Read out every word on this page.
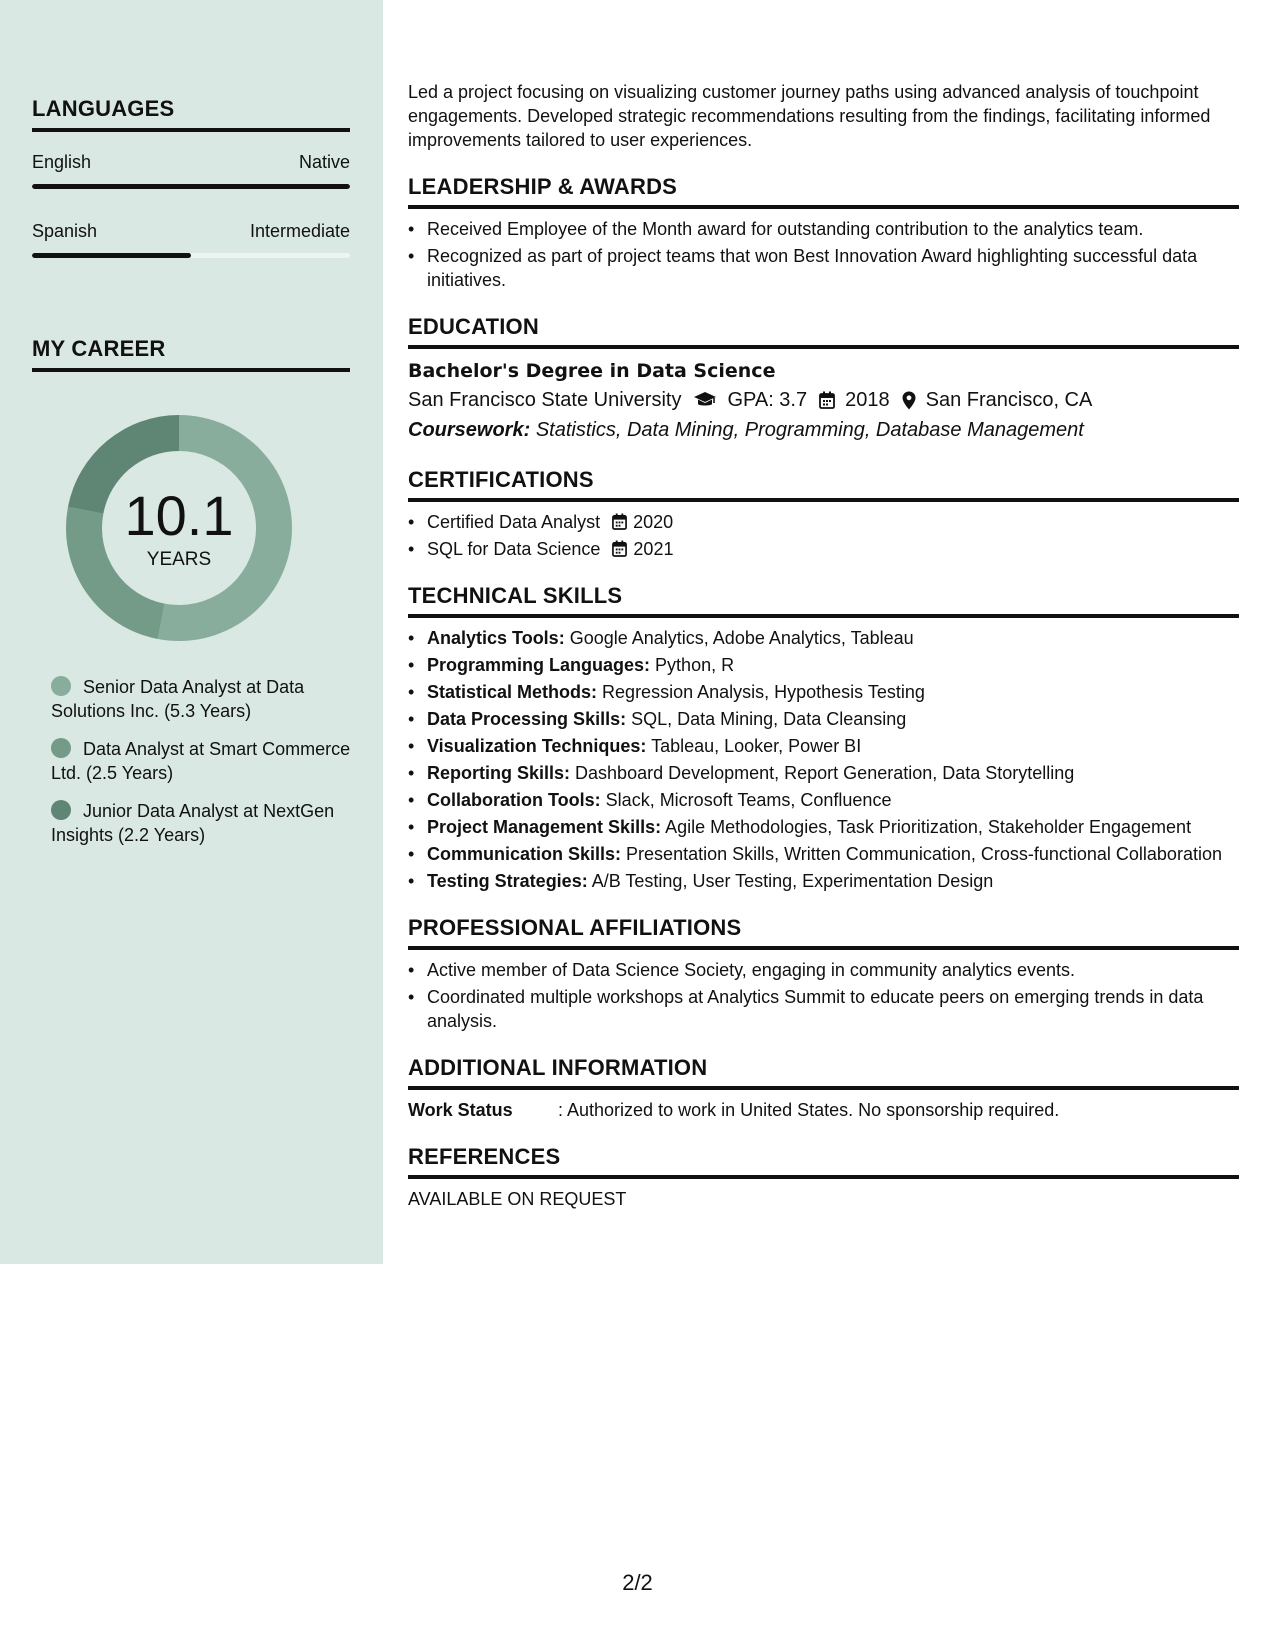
LANGUAGES
English	Native
Spanish	Intermediate
MY CAREER
10.1
YEARS
Senior Data Analyst at Data Solutions Inc. (5.3 Years)
Data Analyst at Smart Commerce Ltd. (2.5 Years)
Junior Data Analyst at NextGen Insights (2.2 Years)

Led a project focusing on visualizing customer journey paths using advanced analysis of touchpoint engagements. Developed strategic recommendations resulting from the findings, facilitating informed improvements tailored to user experiences.

LEADERSHIP & AWARDS
• Received Employee of the Month award for outstanding contribution to the analytics team.
• Recognized as part of project teams that won Best Innovation Award highlighting successful data initiatives.
EDUCATION
Bachelor's Degree in Data Science
San Francisco State University GPA: 3.7 2018 San Francisco, CA
Coursework: Statistics, Data Mining, Programming, Database Management
CERTIFICATIONS
• Certified Data Analyst 2020
• SQL for Data Science 2021
TECHNICAL SKILLS
• Analytics Tools: Google Analytics, Adobe Analytics, Tableau
• Programming Languages: Python, R
• Statistical Methods: Regression Analysis, Hypothesis Testing
• Data Processing Skills: SQL, Data Mining, Data Cleansing
• Visualization Techniques: Tableau, Looker, Power BI
• Reporting Skills: Dashboard Development, Report Generation, Data Storytelling
• Collaboration Tools: Slack, Microsoft Teams, Confluence
• Project Management Skills: Agile Methodologies, Task Prioritization, Stakeholder Engagement
• Communication Skills: Presentation Skills, Written Communication, Cross-functional Collaboration
• Testing Strategies: A/B Testing, User Testing, Experimentation Design
PROFESSIONAL AFFILIATIONS
• Active member of Data Science Society, engaging in community analytics events.
• Coordinated multiple workshops at Analytics Summit to educate peers on emerging trends in data analysis.
ADDITIONAL INFORMATION
Work Status	: Authorized to work in United States. No sponsorship required.
REFERENCES
AVAILABLE ON REQUEST
2/2
